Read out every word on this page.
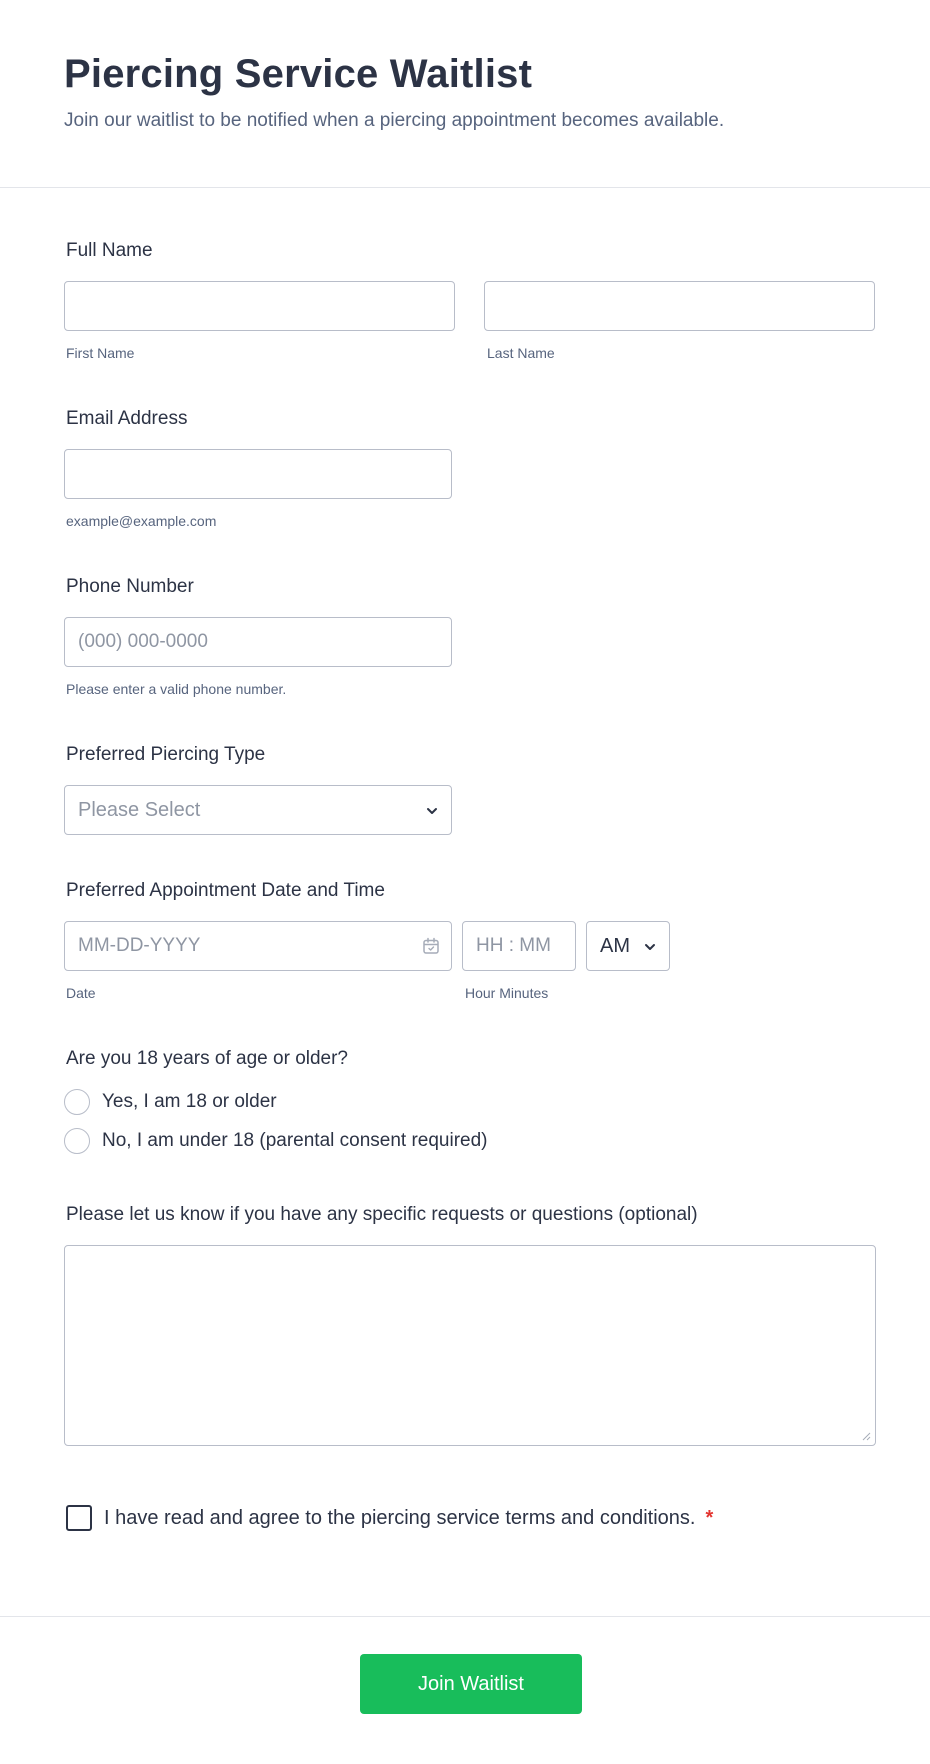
Piercing Service Waitlist

Join our waitlist to be notified when a piercing appointment becomes available.

Full Name
First Name	Last Name
Email Address
example@example.com
Phone Number
(000) 000-0000
Please enter a valid phone number.
Preferred Piercing Type
Please Select
Preferred Appointment Date and Time
MM-DD-YYYY
HH : MM
AM
Date	Hour Minutes
Are you 18 years of age or older?
Yes, I am 18 or older
No, I am under 18 (parental consent required)
Please let us know if you have any specific requests or questions (optional)
I have read and agree to the piercing service terms and conditions. *
Join Waitlist
